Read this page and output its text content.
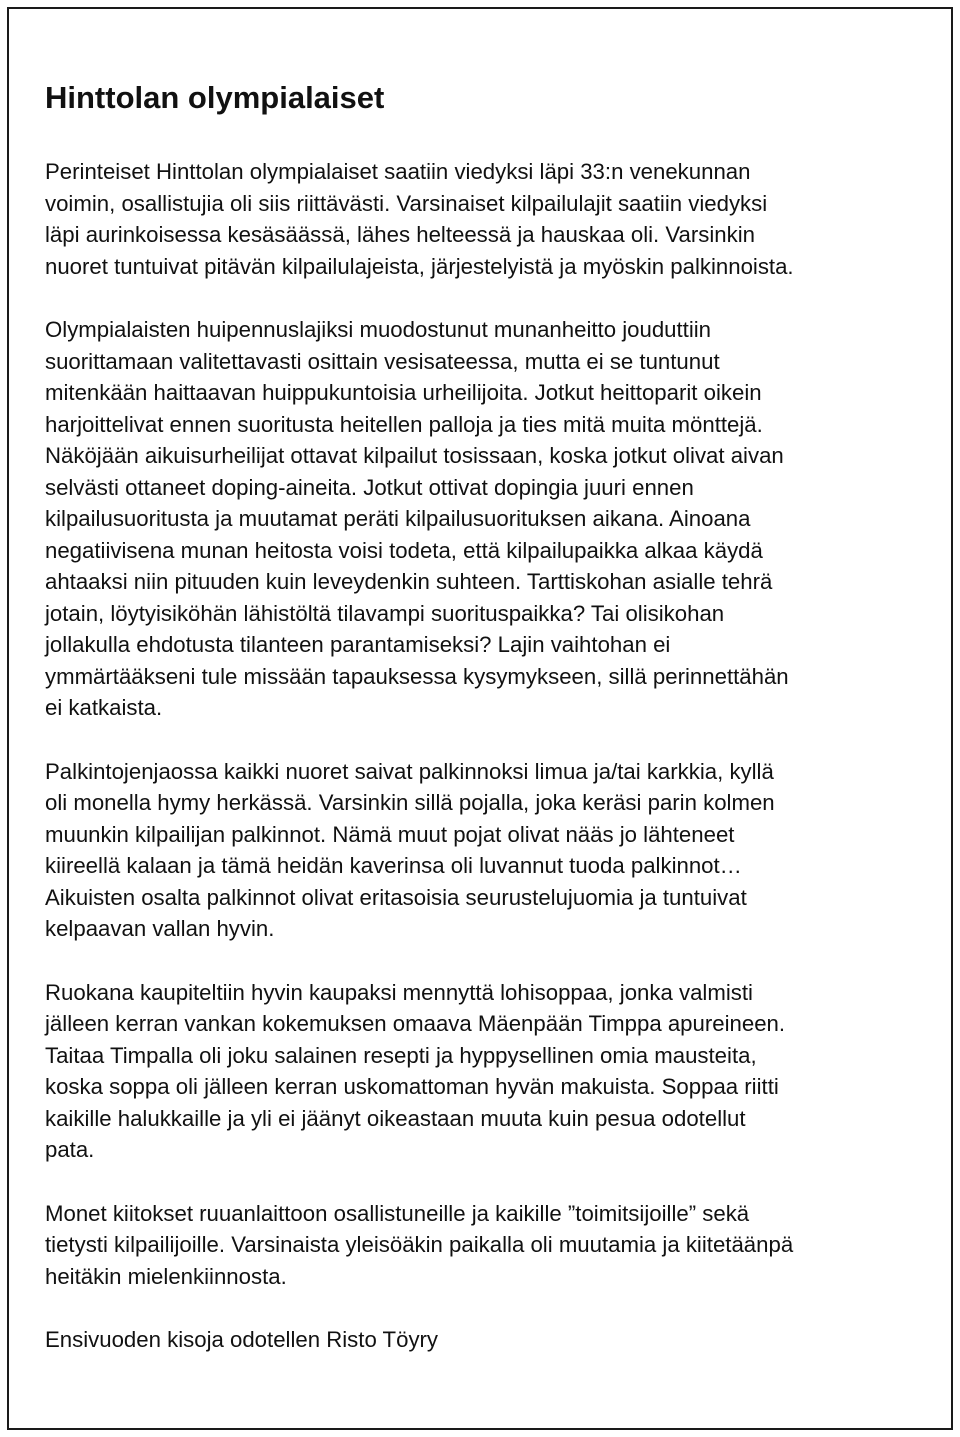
Hinttolan olympialaiset

Perinteiset Hinttolan olympialaiset saatiin viedyksi läpi 33:n venekunnan
voimin, osallistujia oli siis riittävästi. Varsinaiset kilpailulajit saatiin viedyksi
läpi aurinkoisessa kesäsäässä, lähes helteessä ja hauskaa oli. Varsinkin
nuoret tuntuivat pitävän kilpailulajeista, järjestelyistä ja myöskin palkinnoista.

Olympialaisten huipennuslajiksi muodostunut munanheitto jouduttiin
suorittamaan valitettavasti osittain vesisateessa, mutta ei se tuntunut
mitenkään haittaavan huippukuntoisia urheilijoita. Jotkut heittoparit oikein
harjoittelivat ennen suoritusta heitellen palloja ja ties mitä muita mönttejä.
Näköjään aikuisurheilijat ottavat kilpailut tosissaan, koska jotkut olivat aivan
selvästi ottaneet doping-aineita. Jotkut ottivat dopingia juuri ennen
kilpailusuoritusta ja muutamat peräti kilpailusuorituksen aikana. Ainoana
negatiivisena munan heitosta voisi todeta, että kilpailupaikka alkaa käydä
ahtaaksi niin pituuden kuin leveydenkin suhteen. Tarttiskohan asialle tehrä
jotain, löytyisiköhän lähistöltä tilavampi suorituspaikka? Tai olisikohan
jollakulla ehdotusta tilanteen parantamiseksi? Lajin vaihtohan ei
ymmärtääkseni tule missään tapauksessa kysymykseen, sillä perinnettähän
ei katkaista.

Palkintojenjaossa kaikki nuoret saivat palkinnoksi limua ja/tai karkkia, kyllä
oli monella hymy herkässä. Varsinkin sillä pojalla, joka keräsi parin kolmen
muunkin kilpailijan palkinnot. Nämä muut pojat olivat nääs jo lähteneet
kiireellä kalaan ja tämä heidän kaverinsa oli luvannut tuoda palkinnot…
Aikuisten osalta palkinnot olivat eritasoisia seurustelujuomia ja tuntuivat
kelpaavan vallan hyvin.

Ruokana kaupiteltiin hyvin kaupaksi mennyttä lohisoppaa, jonka valmisti
jälleen kerran vankan kokemuksen omaava Mäenpään Timppa apureineen.
Taitaa Timpalla oli joku salainen resepti ja hyppysellinen omia mausteita,
koska soppa oli jälleen kerran uskomattoman hyvän makuista. Soppaa riitti
kaikille halukkaille ja yli ei jäänyt oikeastaan muuta kuin pesua odotellut
pata.

Monet kiitokset ruuanlaittoon osallistuneille ja kaikille ”toimitsijoille” sekä
tietysti kilpailijoille. Varsinaista yleisöäkin paikalla oli muutamia ja kiitetäänpä
heitäkin mielenkiinnosta.

Ensivuoden kisoja odotellen Risto Töyry
